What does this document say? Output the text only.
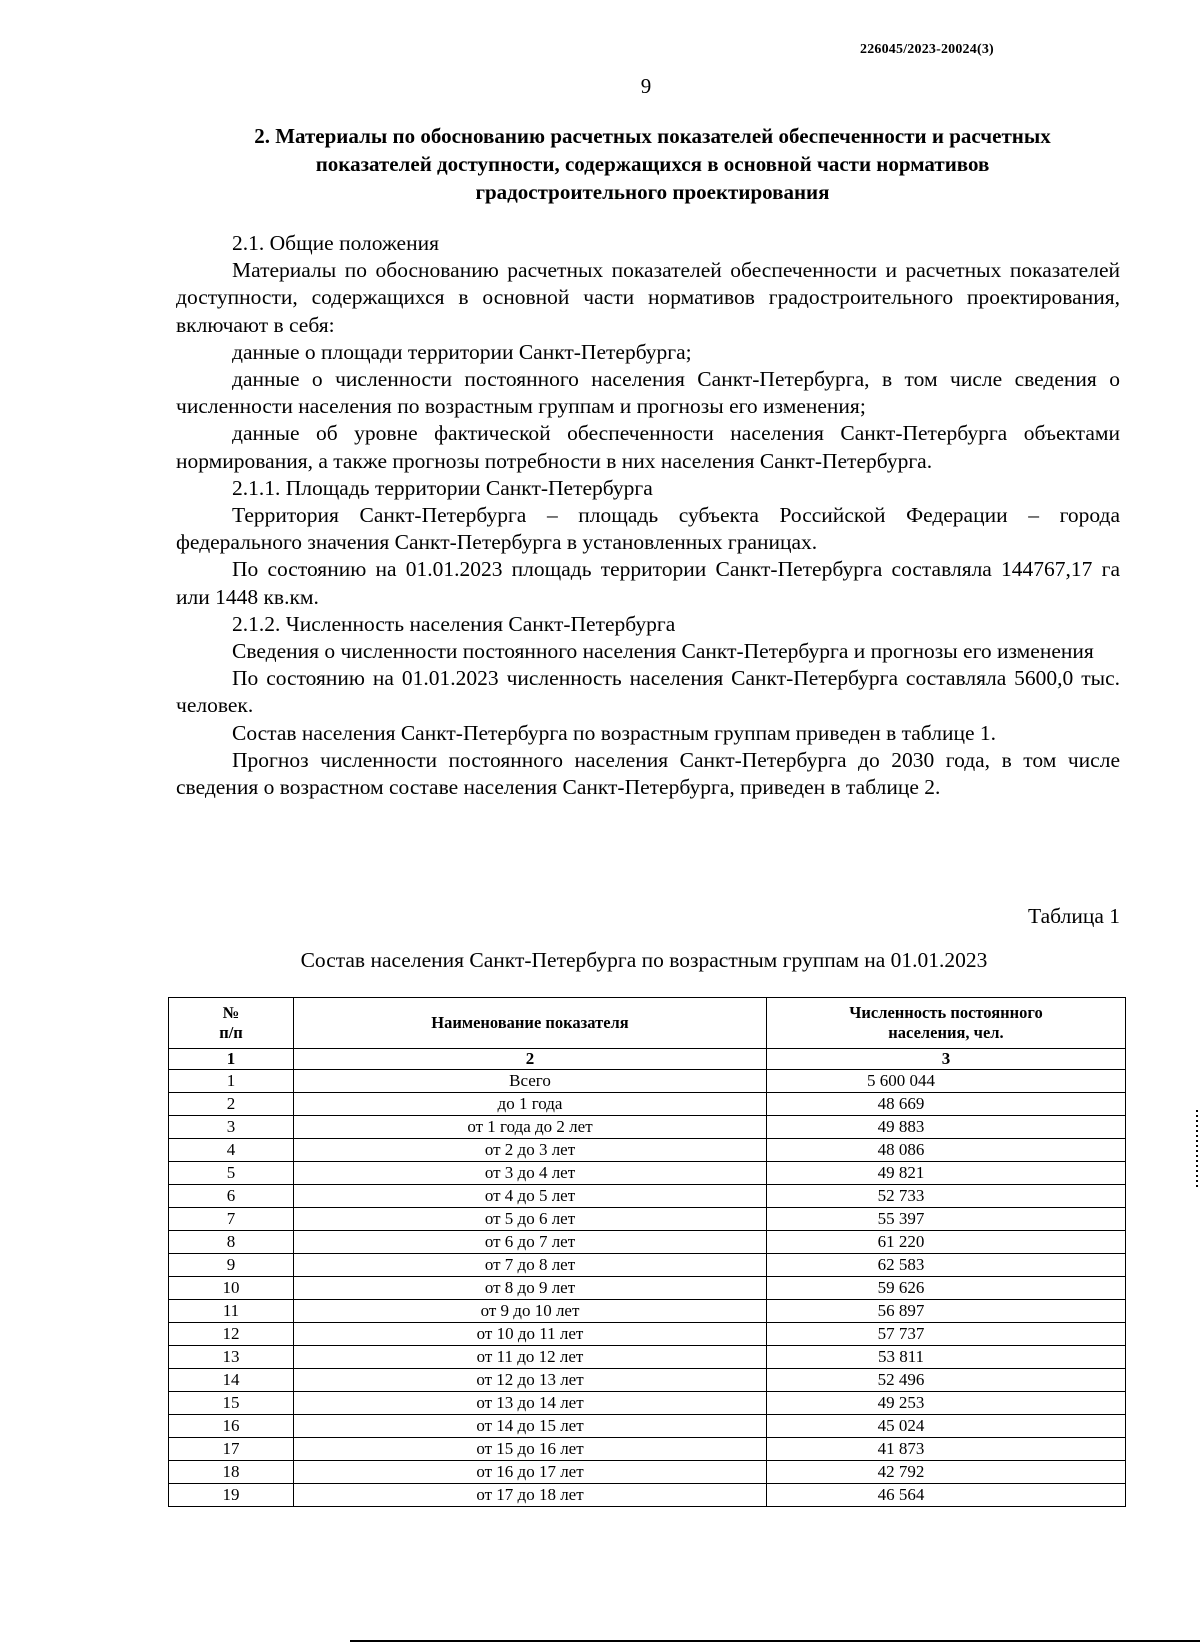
226045/2023-20024(3)
9
2. Материалы по обоснованию расчетных показателей обеспеченности и расчетных
показателей доступности, содержащихся в основной части нормативов
градостроительного проектирования

2.1. Общие положения

Материалы по обоснованию расчетных показателей обеспеченности и расчетных показателей доступности, содержащихся в основной части нормативов градостроительного проектирования, включают в себя:

данные о площади территории Санкт-Петербурга;

данные о численности постоянного населения Санкт-Петербурга, в том числе сведения о численности населения по возрастным группам и прогнозы его изменения;

данные об уровне фактической обеспеченности населения Санкт-Петербурга объектами нормирования, а также прогнозы потребности в них населения Санкт-Петербурга.

2.1.1. Площадь территории Санкт-Петербурга

Территория Санкт-Петербурга – площадь субъекта Российской Федерации – города федерального значения Санкт-Петербурга в установленных границах.

По состоянию на 01.01.2023 площадь территории Санкт-Петербурга составляла 144767,17 га или 1448 кв.км.

2.1.2. Численность населения Санкт-Петербурга

Сведения о численности постоянного населения Санкт-Петербурга и прогнозы его изменения

По состоянию на 01.01.2023 численность населения Санкт-Петербурга составляла 5600,0 тыс. человек.

Состав населения Санкт-Петербурга по возрастным группам приведен в таблице 1.

Прогноз численности постоянного населения Санкт-Петербурга до 2030 года, в том числе сведения о возрастном составе населения Санкт-Петербурга, приведен в таблице 2.

Таблица 1
Состав населения Санкт-Петербурга по возрастным группам на 01.01.2023
№
п/п	Наименование показателя	Численность постоянного
населения, чел.
1	2	3
1	Всего	5 600 044
2	до 1 года	48 669
3	от 1 года до 2 лет	49 883
4	от 2 до 3 лет	48 086
5	от 3 до 4 лет	49 821
6	от 4 до 5 лет	52 733
7	от 5 до 6 лет	55 397
8	от 6 до 7 лет	61 220
9	от 7 до 8 лет	62 583
10	от 8 до 9 лет	59 626
11	от 9 до 10 лет	56 897
12	от 10 до 11 лет	57 737
13	от 11 до 12 лет	53 811
14	от 12 до 13 лет	52 496
15	от 13 до 14 лет	49 253
16	от 14 до 15 лет	45 024
17	от 15 до 16 лет	41 873
18	от 16 до 17 лет	42 792
19	от 17 до 18 лет	46 564
